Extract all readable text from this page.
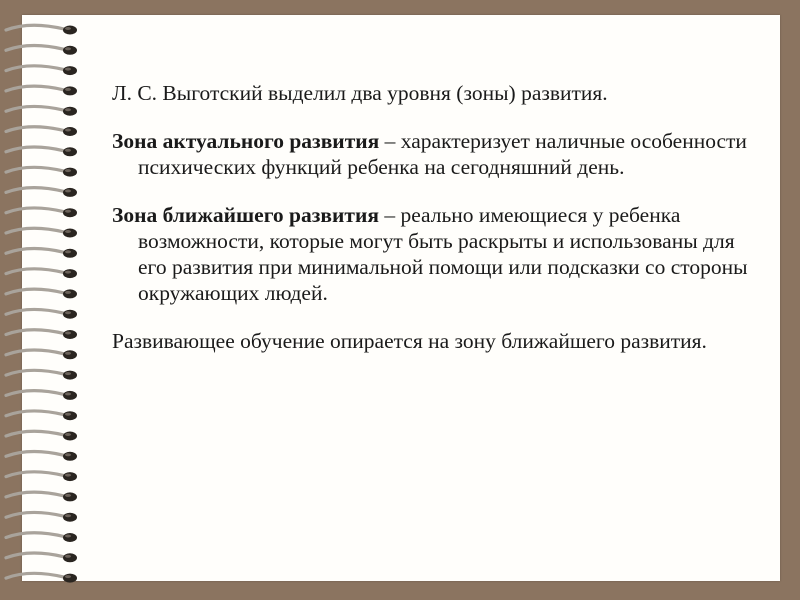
Л. С. Выготский выделил два уровня (зоны) развития.

Зона актуального развития – характеризует наличные особенности психических функций ребенка на сегодняшний день.

Зона ближайшего развития – реально имеющиеся у ребенка возможности, которые могут быть раскрыты и использованы для его развития при минимальной помощи или подсказки со стороны окружающих людей.

Развивающее обучение опирается на зону ближайшего развития.
